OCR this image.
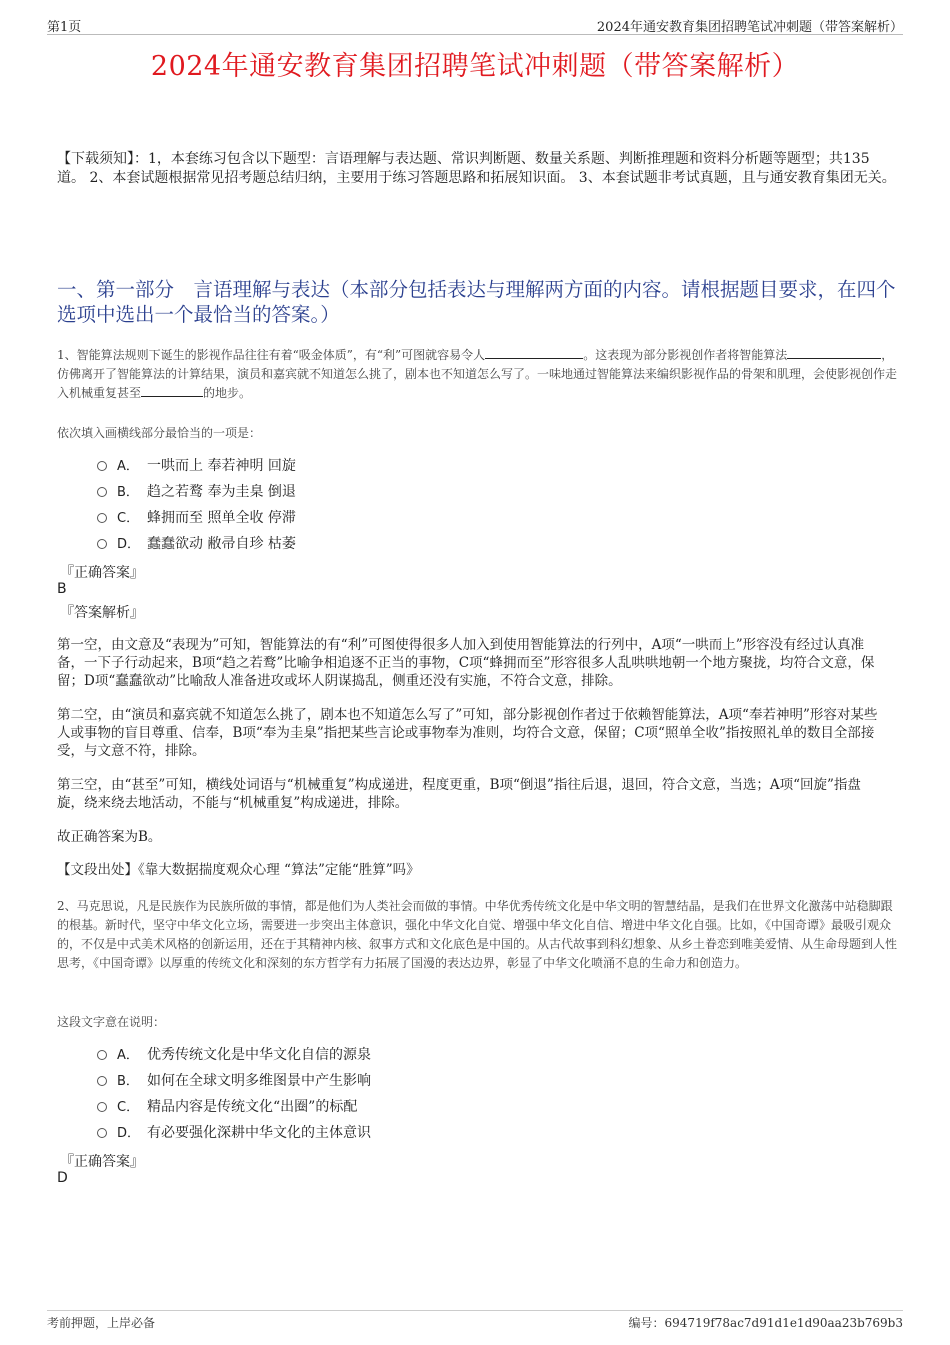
第1页	2024年通安教育集团招聘笔试冲刺题（带答案解析）
2024年通安教育集团招聘笔试冲刺题（带答案解析）
【下载须知】：1，本套练习包含以下题型：言语理解与表达题、常识判断题、数量关系题、判断推理题和资料分析题等题型；共135道。 2、本套试题根据常见招考题总结归纳，主要用于练习答题思路和拓展知识面。 3、本套试题非考试真题，且与通安教育集团无关。
一、第一部分　言语理解与表达（本部分包括表达与理解两方面的内容。请根据题目要求，在四个选项中选出一个最恰当的答案。）
1、智能算法规则下诞生的影视作品往往有着“吸金体质”，有“利”可图就容易令人	。这表现为部分影视创作者将智能算法	，仿佛离开了智能算法的计算结果，演员和嘉宾就不知道怎么挑了，剧本也不知道怎么写了。一味地通过智能算法来编织影视作品的骨架和肌理，会使影视创作走入机械重复甚至	的地步。
依次填入画横线部分最恰当的一项是：
A． 一哄而上 奉若神明 回旋
B． 趋之若鹜 奉为圭臬 倒退
C． 蜂拥而至 照单全收 停滞
D． 蠢蠢欲动 敝帚自珍 枯萎
『正确答案』
B
『答案解析』
第一空，由文意及“表现为”可知，智能算法的有“利”可图使得很多人加入到使用智能算法的行列中，A项“一哄而上”形容没有经过认真准备，一下子行动起来，B项“趋之若鹜”比喻争相追逐不正当的事物，C项“蜂拥而至”形容很多人乱哄哄地朝一个地方聚拢，均符合文意，保留；D项“蠢蠢欲动”比喻敌人准备进攻或坏人阴谋捣乱，侧重还没有实施，不符合文意，排除。
第二空，由“演员和嘉宾就不知道怎么挑了，剧本也不知道怎么写了”可知，部分影视创作者过于依赖智能算法，A项“奉若神明”形容对某些人或事物的盲目尊重、信奉，B项“奉为圭臬”指把某些言论或事物奉为准则，均符合文意，保留；C项“照单全收”指按照礼单的数目全部接受，与文意不符，排除。
第三空，由“甚至”可知，横线处词语与“机械重复”构成递进，程度更重，B项“倒退”指往后退，退回，符合文意，当选；A项“回旋”指盘旋，绕来绕去地活动，不能与“机械重复”构成递进，排除。
故正确答案为B。
【文段出处】《靠大数据揣度观众心理 “算法”定能“胜算”吗》
2、马克思说，凡是民族作为民族所做的事情，都是他们为人类社会而做的事情。中华优秀传统文化是中华文明的智慧结晶，是我们在世界文化激荡中站稳脚跟的根基。新时代，坚守中华文化立场，需要进一步突出主体意识，强化中华文化自觉、增强中华文化自信、增进中华文化自强。比如，《中国奇谭》最吸引观众的，不仅是中式美术风格的创新运用，还在于其精神内核、叙事方式和文化底色是中国的。从古代故事到科幻想象、从乡土眷恋到唯美爱情、从生命母题到人性思考，《中国奇谭》以厚重的传统文化和深刻的东方哲学有力拓展了国漫的表达边界，彰显了中华文化喷涌不息的生命力和创造力。
这段文字意在说明：
A． 优秀传统文化是中华文化自信的源泉
B． 如何在全球文明多维图景中产生影响
C． 精品内容是传统文化“出圈”的标配
D． 有必要强化深耕中华文化的主体意识
『正确答案』
D
考前押题，上岸必备	编号：694719f78ac7d91d1e1d90aa23b769b3
